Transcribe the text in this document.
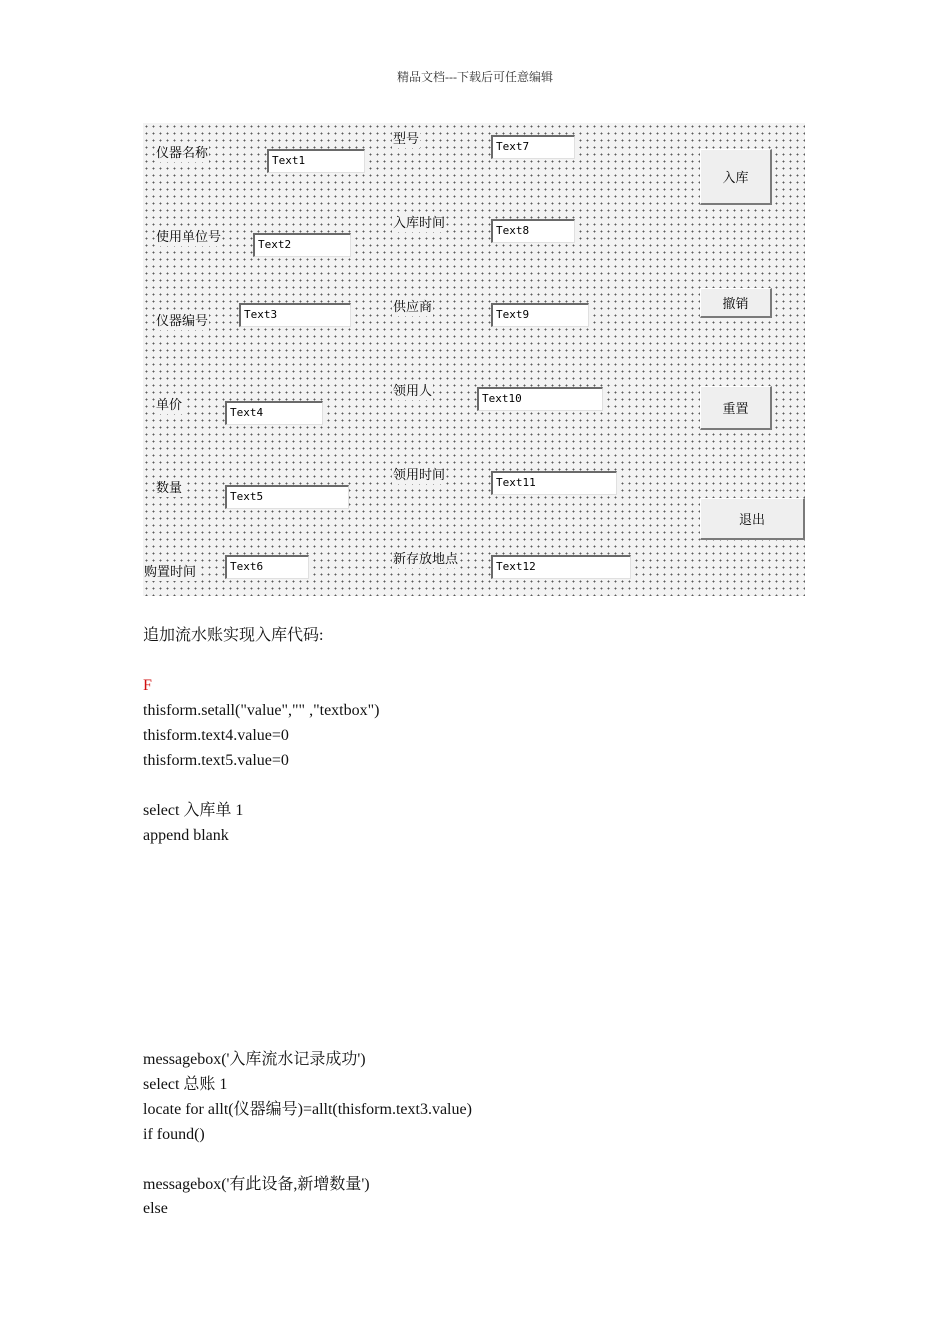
精品文档---下载后可任意编辑
仪器名称
使用单位号
仪器编号
单价
数量
购置时间
Text1
Text2
Text3
Text4
Text5
Text6
型号
入库时间
供应商
领用人
领用时间
新存放地点
Text7
Text8
Text9
Text10
Text11
Text12
入库
撤销
重置
退出
追加流水账实现入库代码:
F
thisform.setall("value","" ,"textbox")
thisform.text4.value=0
thisform.text5.value=0
select 入库单 1
append blank
messagebox('入库流水记录成功')
select 总账 1
locate for allt(仪器编号)=allt(thisform.text3.value)
if found()
messagebox('有此设备,新增数量')
else
